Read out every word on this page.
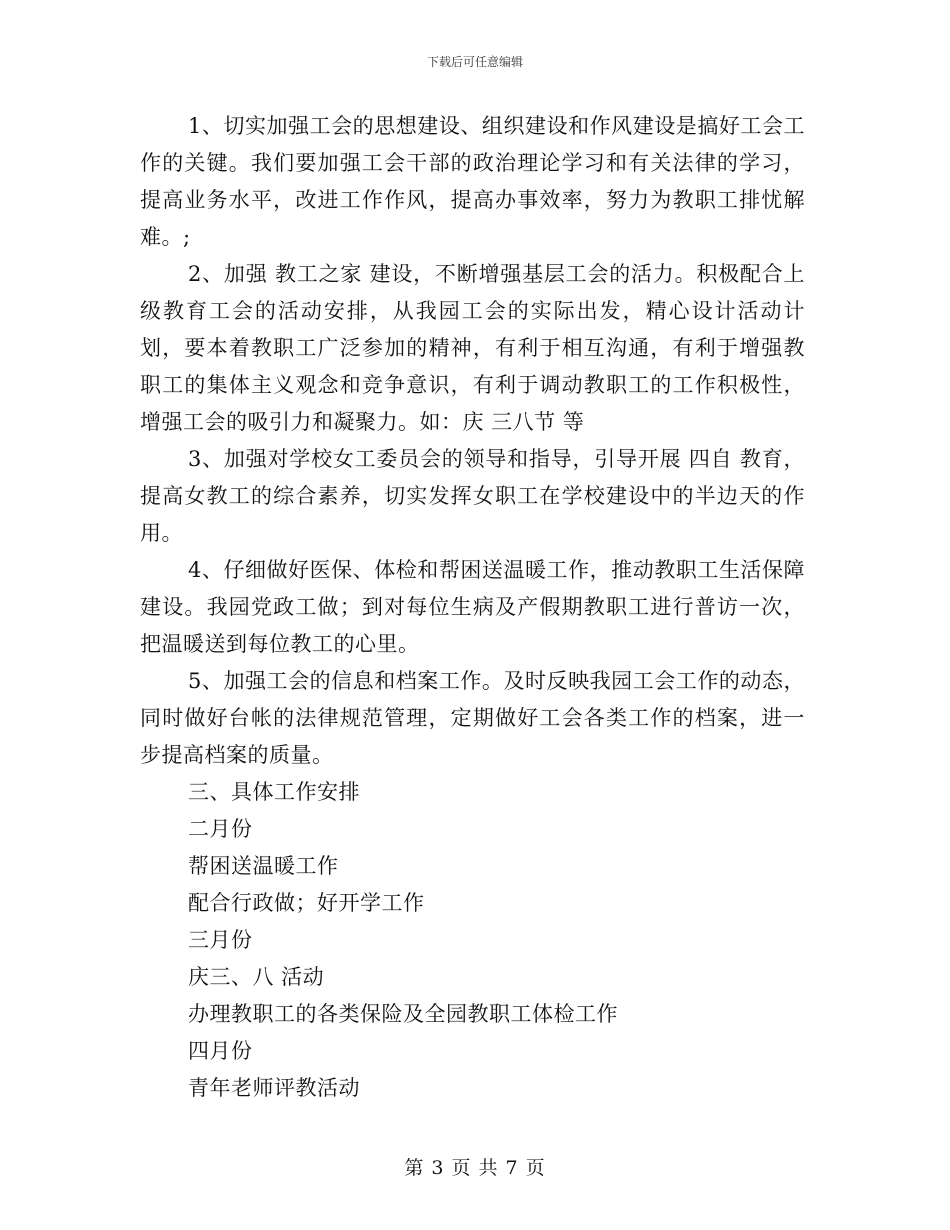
下载后可任意编辑

1、切实加强工会的思想建设、组织建设和作风建设是搞好工会工作的关键。我们要加强工会干部的政治理论学习和有关法律的学习，提高业务水平，改进工作作风，提高办事效率，努力为教职工排忧解难。;

2、加强 教工之家 建设，不断增强基层工会的活力。积极配合上级教育工会的活动安排，从我园工会的实际出发，精心设计活动计划，要本着教职工广泛参加的精神，有利于相互沟通，有利于增强教职工的集体主义观念和竞争意识，有利于调动教职工的工作积极性，增强工会的吸引力和凝聚力。如：庆 三八节 等

3、加强对学校女工委员会的领导和指导，引导开展 四自 教育，提高女教工的综合素养，切实发挥女职工在学校建设中的半边天的作用。

4、仔细做好医保、体检和帮困送温暖工作，推动教职工生活保障建设。我园党政工做；到对每位生病及产假期教职工进行普访一次，把温暖送到每位教工的心里。

5、加强工会的信息和档案工作。及时反映我园工会工作的动态，同时做好台帐的法律规范管理，定期做好工会各类工作的档案，进一步提高档案的质量。

三、具体工作安排

二月份

帮困送温暖工作

配合行政做；好开学工作

三月份

庆三、八 活动

办理教职工的各类保险及全园教职工体检工作

四月份

青年老师评教活动

第 3 页 共 7 页
